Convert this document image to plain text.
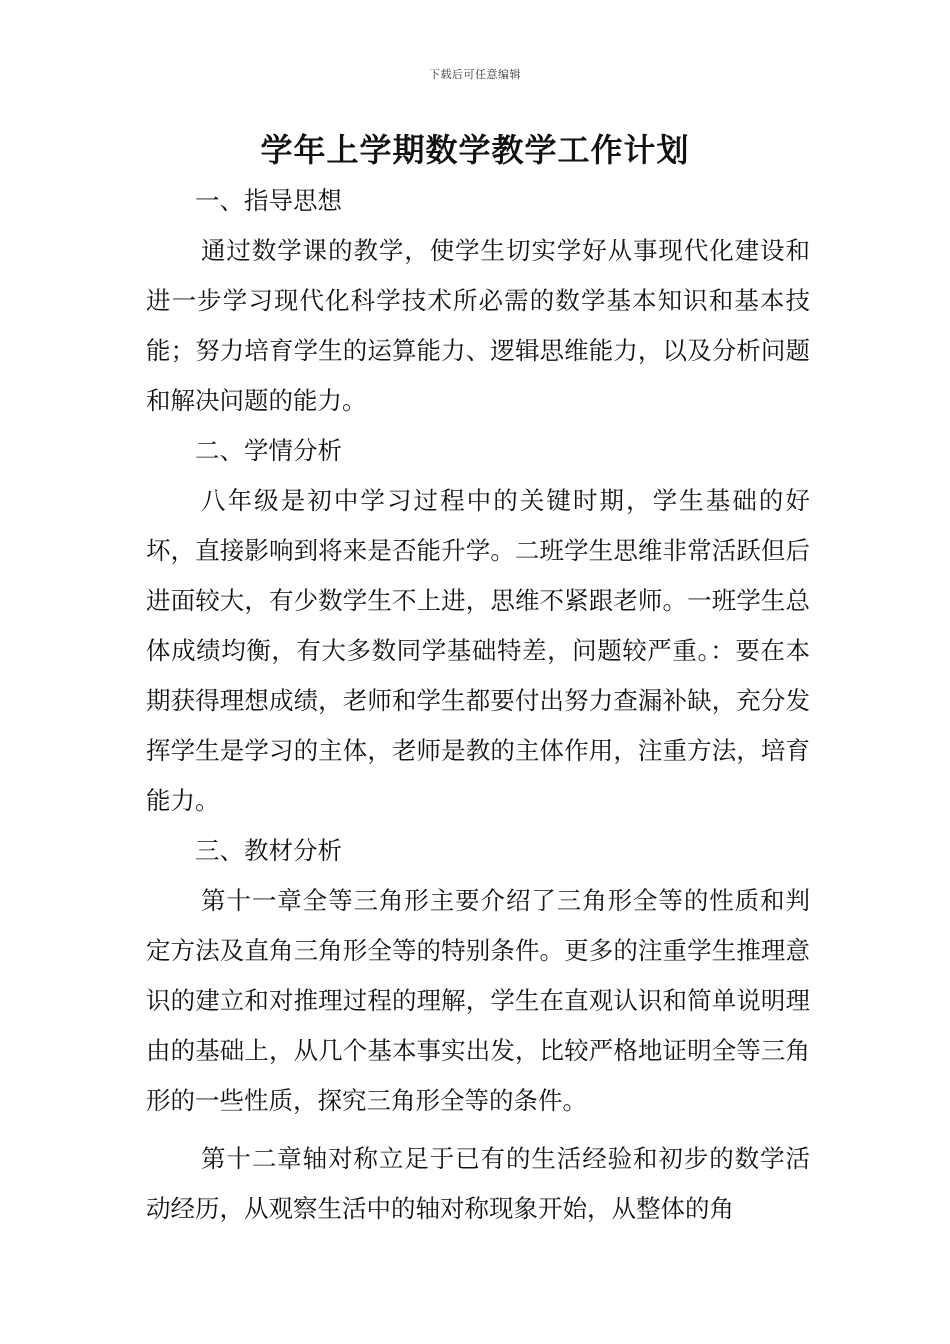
下载后可任意编辑
学年上学期数学教学工作计划
一、指导思想

通过数学课的教学，使学生切实学好从事现代化建设和进一步学习现代化科学技术所必需的数学基本知识和基本技能；努力培育学生的运算能力、逻辑思维能力，以及分析问题和解决问题的能力。

二、学情分析

八年级是初中学习过程中的关键时期，学生基础的好坏，直接影响到将来是否能升学。二班学生思维非常活跃但后进面较大，有少数学生不上进，思维不紧跟老师。一班学生总体成绩均衡，有大多数同学基础特差，问题较严重。：要在本期获得理想成绩，老师和学生都要付出努力查漏补缺，充分发挥学生是学习的主体，老师是教的主体作用，注重方法，培育能力。

三、教材分析

第十一章全等三角形主要介绍了三角形全等的性质和判定方法及直角三角形全等的特别条件。更多的注重学生推理意识的建立和对推理过程的理解，学生在直观认识和简单说明理由的基础上，从几个基本事实出发，比较严格地证明全等三角形的一些性质，探究三角形全等的条件。

第十二章轴对称立足于已有的生活经验和初步的数学活动经历，从观察生活中的轴对称现象开始，从整体的角
